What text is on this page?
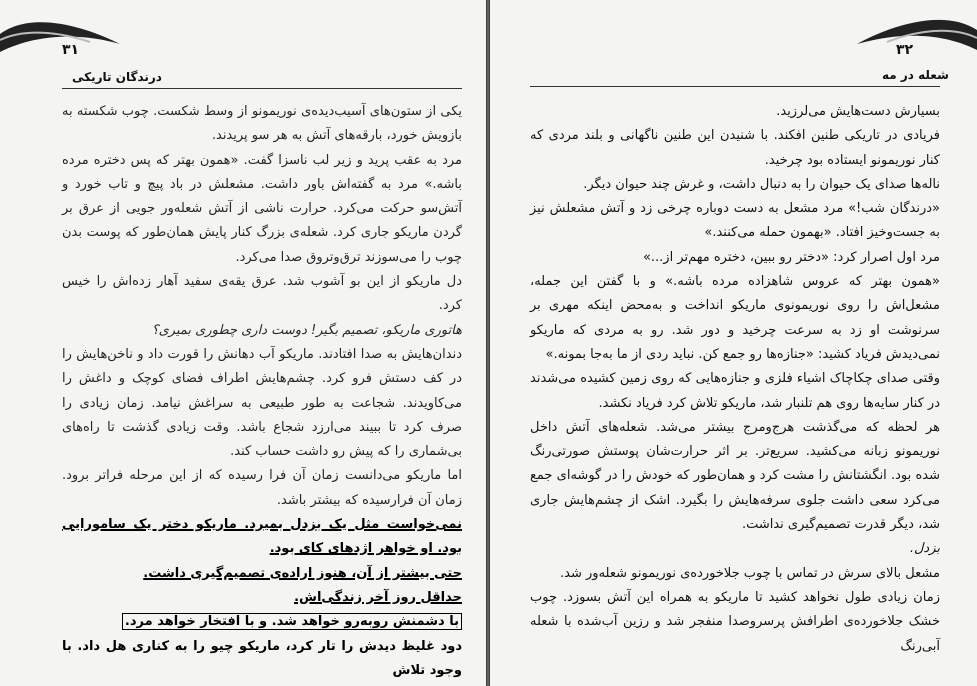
۳۱
درندگان تاریکی

یکی از ستون‌های آسیب‌دیده‌ی نوریمونو از وسط شکست. چوب شکسته به بازویش خورد، بارقه‌های آتش به هر سو پریدند.

مرد به عقب پرید و زیر لب ناسزا گفت. «همون بهتر که پس دختره مرده باشه.» مرد به گفته‌اش باور داشت. مشعلش در باد پیچ و تاب خورد و آتش‌سو حرکت می‌کرد. حرارت ناشی از آتش شعله‌ور جویی از عرق بر گردن ماریکو جاری کرد. شعله‌ی بزرگ کنار پایش همان‌طور که پوست بدن چوب را می‌سوزند ترق‌وتروق صدا می‌کرد.

دل ماریکو از این بو آشوب شد. عرق یقه‌ی سفید آهار زده‌اش را خیس کرد.

هاتوری ماریکو، تصمیم بگیر! دوست داری چطوری بمیری؟

دندان‌هایش به صدا افتادند. ماریکو آب دهانش را قورت داد و ناخن‌هایش را در کف دستش فرو کرد. چشم‌هایش اطراف فضای کوچک و داغش را می‌کاویدند. شجاعت به طور طبیعی به سراغش نیامد. زمان زیادی را صرف کرد تا ببیند می‌ارزد شجاع باشد. وقت زیادی گذشت تا راه‌های بی‌شماری را که پیش رو داشت حساب کند.

اما ماریکو می‌دانست زمان آن فرا رسیده که از این مرحله فراتر برود. زمان آن فرارسیده که بیشتر باشد.

نمی‌خواست مثل یک بزدل بمیرد. ماریکو دختر یک سامورایی بود. او خواهر اژدهای کای بود.

حتی بیشتر از آن، هنوز اراده‌ی تصمیم‌گیری داشت.

حداقل روز آخر زندگی‌اش.

با دشمنش روبه‌رو خواهد شد. و با افتخار خواهد مرد.

دود غلیظ دیدش را تار کرد، ماریکو چیو را به کناری هل داد. با وجود تلاش

۳۲
شعله در مه

بسیارش دست‌هایش می‌لرزید.

فریادی در تاریکی طنین افکند. با شنیدن این طنین ناگهانی و بلند مردی که کنار نوریمونو ایستاده بود چرخید.

ناله‌ها صدای یک حیوان را به دنبال داشت، و غرش چند حیوان دیگر.

«درندگان شب!» مرد مشعل به دست دوباره چرخی زد و آتش مشعلش نیز به جست‌وخیز افتاد. «بهمون حمله می‌کنند.»

مرد اول اصرار کرد: «دختر رو ببین، دختره مهم‌تر از...»

«همون بهتر که عروس شاهزاده مرده باشه.» و با گفتن این جمله، مشعل‌اش را روی نوریمونوی ماریکو انداخت و به‌محض اینکه مهری بر سرنوشت او زد به سرعت چرخید و دور شد. رو به مردی که ماریکو نمی‌دیدش فریاد کشید: «جنازه‌ها رو جمع کن. نباید ردی از ما به‌جا بمونه.»

وقتی صدای چکاچاک اشیاء فلزی و جنازه‌هایی که روی زمین کشیده می‌شدند در کنار سایه‌ها روی هم تلنبار شد، ماریکو تلاش کرد فریاد نکشد.

هر لحظه که می‌گذشت هرج‌ومرج بیشتر می‌شد. شعله‌های آتش داخل نوریمونو زبانه می‌کشید. سریع‌تر. بر اثر حرارت‌شان پوستش صورتی‌رنگ شده بود. انگشتانش را مشت کرد و همان‌طور که خودش را در گوشه‌ای جمع می‌کرد سعی داشت جلوی سرفه‌هایش را بگیرد. اشک از چشم‌هایش جاری شد، دیگر قدرت تصمیم‌گیری نداشت.

بزدل.

مشعل بالای سرش در تماس با چوب جلاخورده‌ی نوریمونو شعله‌ور شد.

زمان زیادی طول نخواهد کشید تا ماریکو به همراه این آتش بسوزد. چوب خشک جلاخورده‌ی اطرافش پرسروصدا منفجر شد و رزین آب‌شده با شعله آبی‌رنگ
